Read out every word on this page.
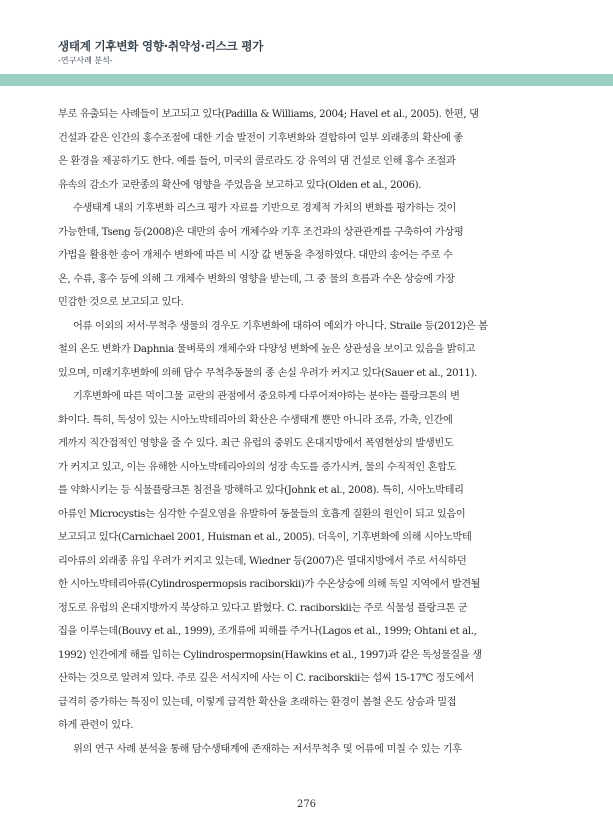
생태계 기후변화 영향·취약성·리스크 평가
-연구사례 분석-
부로 유출되는 사례들이 보고되고 있다(Padilla & Williams, 2004; Havel et al., 2005). 한편, 댐
건설과 같은 인간의 홍수조절에 대한 기술 발전이 기후변화와 결합하여 일부 외래종의 확산에 좋
은 환경을 제공하기도 한다. 예를 들어, 미국의 콜로라도 강 유역의 댐 건설로 인해 홍수 조절과
유속의 감소가 교란종의 확산에 영향을 주었음을 보고하고 있다(Olden et al., 2006).
수생태계 내의 기후변화 리스크 평가 자료를 기반으로 경제적 가치의 변화를 평가하는 것이
가능한데, Tseng 등(2008)은 대만의 송어 개체수와 기후 조건과의 상관관계를 구축하여 가상평
가법을 활용한 송어 개체수 변화에 따른 비 시장 값 변동을 추정하였다. 대만의 송어는 주로 수
온, 수류, 홍수 등에 의해 그 개체수 변화의 영향을 받는데, 그 중 물의 흐름과 수온 상승에 가장
민감한 것으로 보고되고 있다.
어류 이외의 저서·무척추 생물의 경우도 기후변화에 대하여 예외가 아니다. Straile 등(2012)은 봄
철의 온도 변화가 Daphnia 물벼룩의 개체수와 다양성 변화에 높은 상관성을 보이고 있음을 밝히고
있으며, 미래기후변화에 의해 담수 무척추동물의 종 손실 우려가 커지고 있다(Sauer et al., 2011).
기후변화에 따른 먹이그물 교란의 관점에서 중요하게 다루어져야하는 분야는 플랑크톤의 변
화이다. 특히, 독성이 있는 시아노박테리아의 확산은 수생태계 뿐만 아니라 조류, 가축, 인간에
게까지 직간접적인 영향을 줄 수 있다. 최근 유럽의 중위도 온대지방에서 폭염현상의 발생빈도
가 커지고 있고, 이는 유해한 시아노박테리아의의 성장 속도를 증가시켜, 물의 수직적인 혼합도
를 약화시키는 등 식물플랑크톤 침전을 방해하고 있다(Johnk et al., 2008). 특히, 시아노박테리
아류인 Microcystis는 심각한 수질오염을 유발하여 동물들의 호흡계 질환의 원인이 되고 있음이
보고되고 있다(Carnichael 2001, Huisman et al., 2005). 더욱이, 기후변화에 의해 시아노박테
리아류의 외래종 유입 우려가 커지고 있는데, Wiedner 등(2007)은 열대지방에서 주로 서식하던
한 시아노박테리아류(Cylindrospermopsis raciborskii)가 수온상승에 의해 독일 지역에서 발견될
정도로 유럽의 온대지방까지 북상하고 있다고 밝혔다. C. raciborskii는 주로 식물성 플랑크톤 군
집을 이루는데(Bouvy et al., 1999), 조개류에 피해를 주거나(Lagos et al., 1999; Ohtani et al.,
1992) 인간에게 해를 입히는 Cylindrospermopsin(Hawkins et al., 1997)과 같은 독성물질을 생
산하는 것으로 알려져 있다. 주로 깊은 서식지에 사는 이 C. raciborskii는 섭씨 15-17℃ 정도에서
급격히 증가하는 특징이 있는데, 이렇게 급격한 확산을 초래하는 환경이 봄철 온도 상승과 밀접
하게 관련이 있다.
위의 연구 사례 분석을 통해 담수생태계에 존재하는 저서무척추 및 어류에 미칠 수 있는 기후
276
